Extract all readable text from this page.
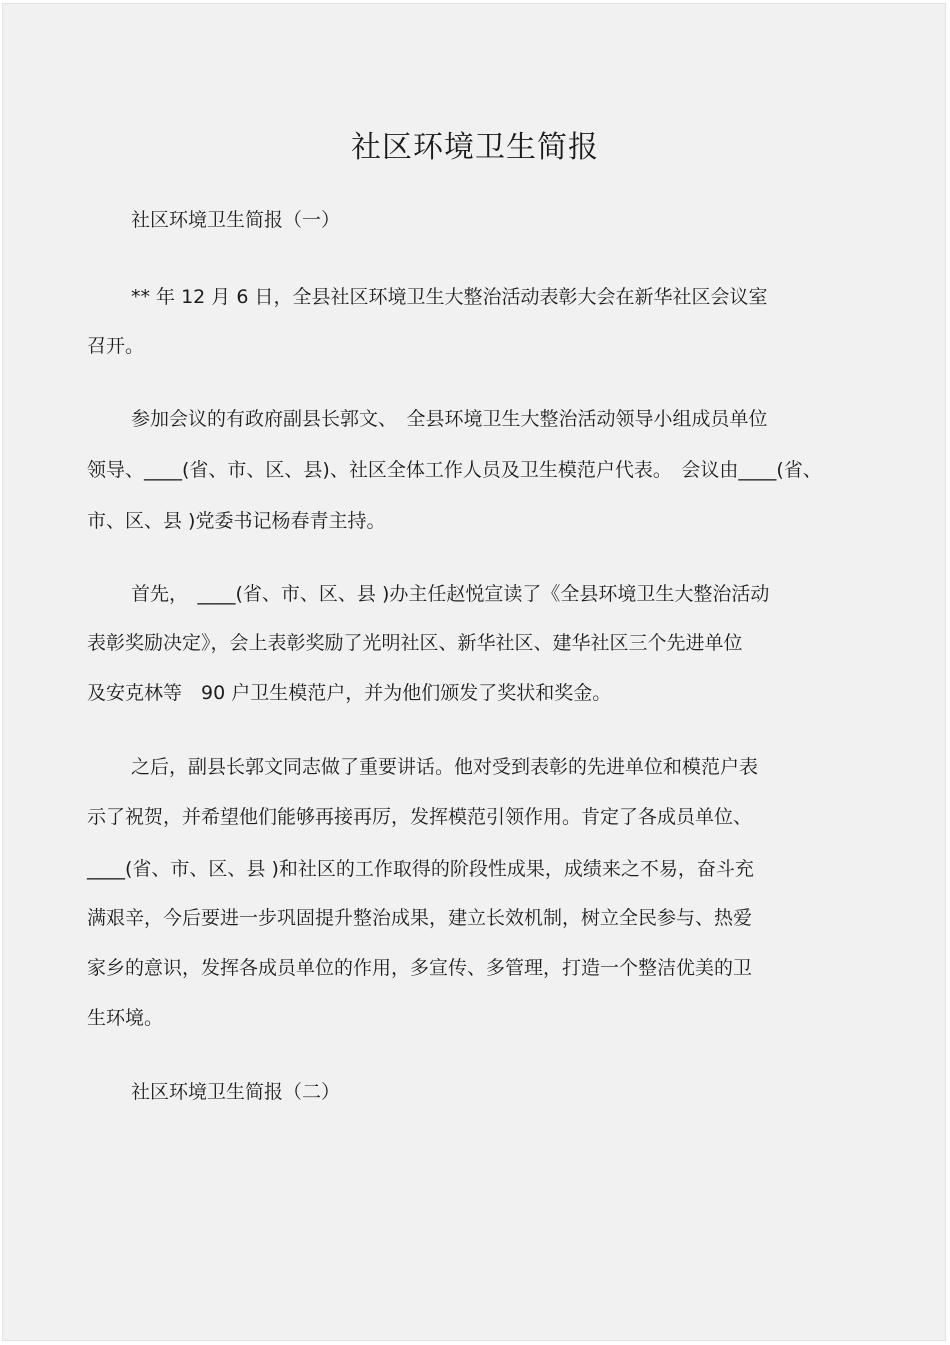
社区环境卫生简报

社区环境卫生简报（一）

** 年 12 月 6 日，全县社区环境卫生大整治活动表彰大会在新华社区会议室

召开。

参加会议的有政府副县长郭文、　全县环境卫生大整治活动领导小组成员单位

领导、____(省、市、区、县)、社区全体工作人员及卫生模范户代表。　会议由____(省、

市、区、县 )党委书记杨春青主持。

首先，　____(省、市、区、县 )办主任赵悦宣读了《全县环境卫生大整治活动

表彰奖励决定》，会上表彰奖励了光明社区、新华社区、建华社区三个先进单位

及安克林等　90 户卫生模范户，并为他们颁发了奖状和奖金。

之后，副县长郭文同志做了重要讲话。他对受到表彰的先进单位和模范户表

示了祝贺，并希望他们能够再接再厉，发挥模范引领作用。肯定了各成员单位、

____(省、市、区、县 )和社区的工作取得的阶段性成果，成绩来之不易，奋斗充

满艰辛，今后要进一步巩固提升整治成果，建立长效机制，树立全民参与、热爱

家乡的意识，发挥各成员单位的作用，多宣传、多管理，打造一个整洁优美的卫

生环境。

社区环境卫生简报（二）
